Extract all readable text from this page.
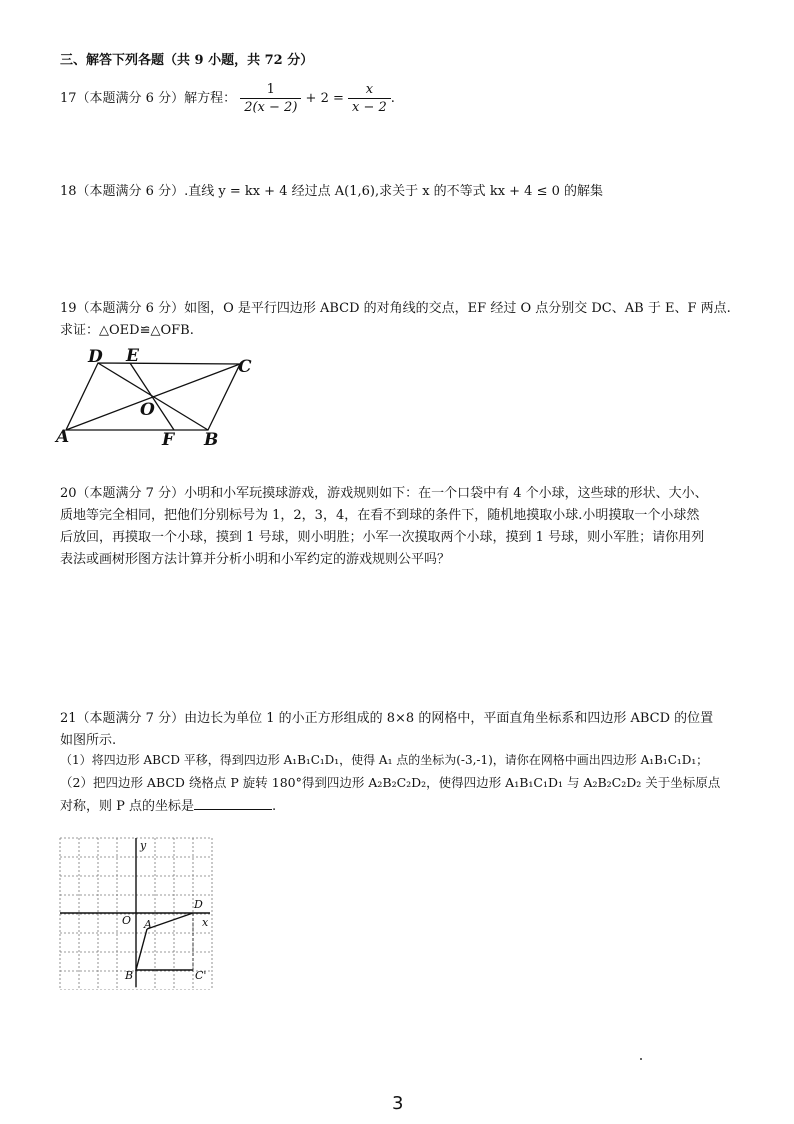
三、解答下列各题（共 9 小题，共 72 分）
17（本题满分 6 分）解方程： $\frac{1}{2(x - 2)} + 2 = \frac{x}{x - 2}$ .
18（本题满分 6 分）.直线 y = kx + 4 经过点 A(1,6),求关于 x 的不等式 kx + 4 ≤ 0 的解集
19（本题满分 6 分）如图，O 是平行四边形 ABCD 的对角线的交点，EF 经过 O 点分别交 DC、AB 于 E、F 两点.
求证：△OED≌△OFB.
D E
C
O
A	F B
20（本题满分 7 分）小明和小军玩摸球游戏，游戏规则如下：在一个口袋中有 4 个小球，这些球的形状、大小、
质地等完全相同，把他们分别标号为 1，2，3，4，在看不到球的条件下，随机地摸取小球.小明摸取一个小球然
后放回，再摸取一个小球，摸到 1 号球，则小明胜；小军一次摸取两个小球，摸到 1 号球，则小军胜；请你用列
表法或画树形图方法计算并分析小明和小军约定的游戏规则公平吗？
21（本题满分 7 分）由边长为单位 1 的小正方形组成的 8×8 的网格中，平面直角坐标系和四边形 ABCD 的位置
如图所示.
（1）将四边形 ABCD 平移，得到四边形 A₁B₁C₁D₁，使得 A₁ 点的坐标为(-3,-1)，请你在网格中画出四边形 A₁B₁C₁D₁；
（2）把四边形 ABCD 绕格点 P 旋转 180°得到四边形 A₂B₂C₂D₂，使得四边形 A₁B₁C₁D₁ 与 A₂B₂C₂D₂ 关于坐标原点
对称，则 P 点的坐标是	.
y
x
O A
D
B	C'
3
